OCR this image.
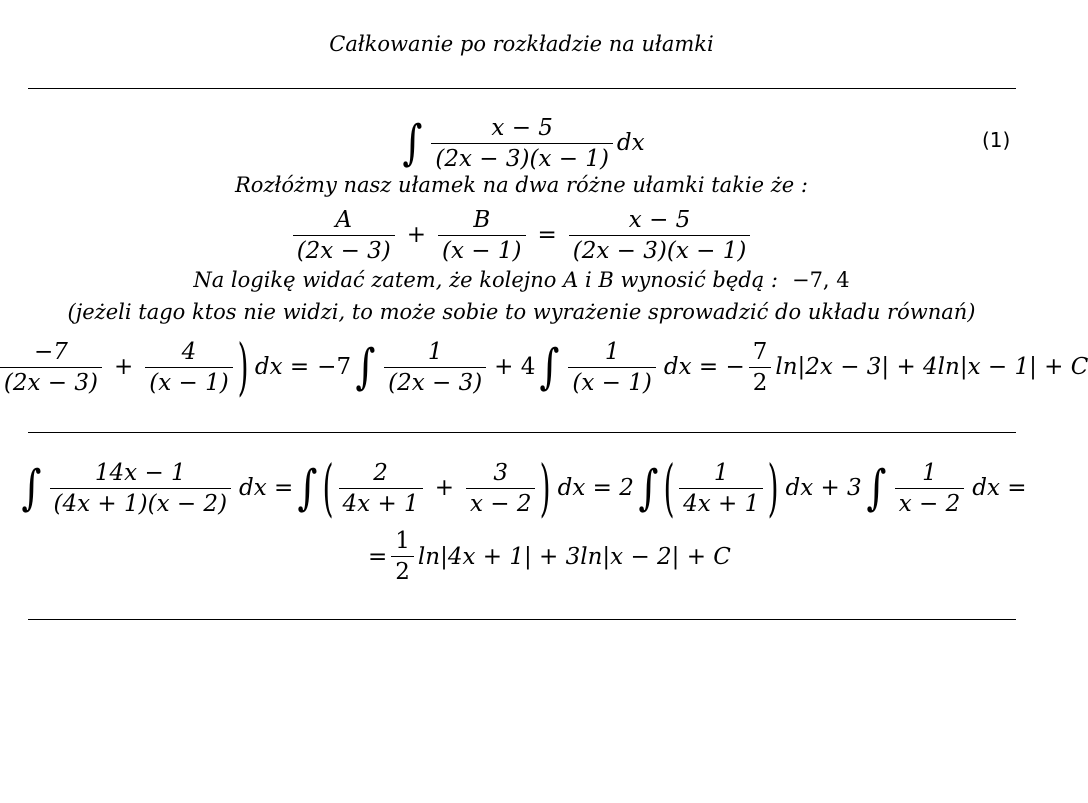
Całkowanie po rozkładzie na ułamki
∫ $\frac{x - 5}{(2x - 3)(x - 1)}$ dx	(1)
Rozłóżmy nasz ułamek na dwa różne ułamki takie że :
$\frac{A}{(2x - 3)} + \frac{B}{(x - 1)} = \frac{x - 5}{(2x - 3)(x - 1)}$
Na logikę widać zatem, że kolejno A i B wynosić będą : −7, 4
(jeżeli tago ktos nie widzi, to może sobie to wyrażenie sprowadzić do układu równań)
$\frac{-7}{(2x - 3)} + \frac{4}{(x - 1)}$ ) dx = −7 ∫ $\frac{1}{(2x - 3)} + 4$ ∫ $\frac{1}{(x - 1)}$ dx = − $\frac{7}{2} \ln|2x - 3| + 4\ln|x - 1| + C$
∫ $\frac{14x - 1}{(4x + 1)(x - 2)}$ dx = ∫ ( $\frac{2}{4x + 1} + \frac{3}{x - 2}$ ) dx = 2 ∫ ( $\frac{1}{4x + 1}$ ) dx + 3 ∫ $\frac{1}{x - 2}$ dx =
= $\frac{1}{2} \ln|4x + 1| + 3\ln|x - 2| + C$
